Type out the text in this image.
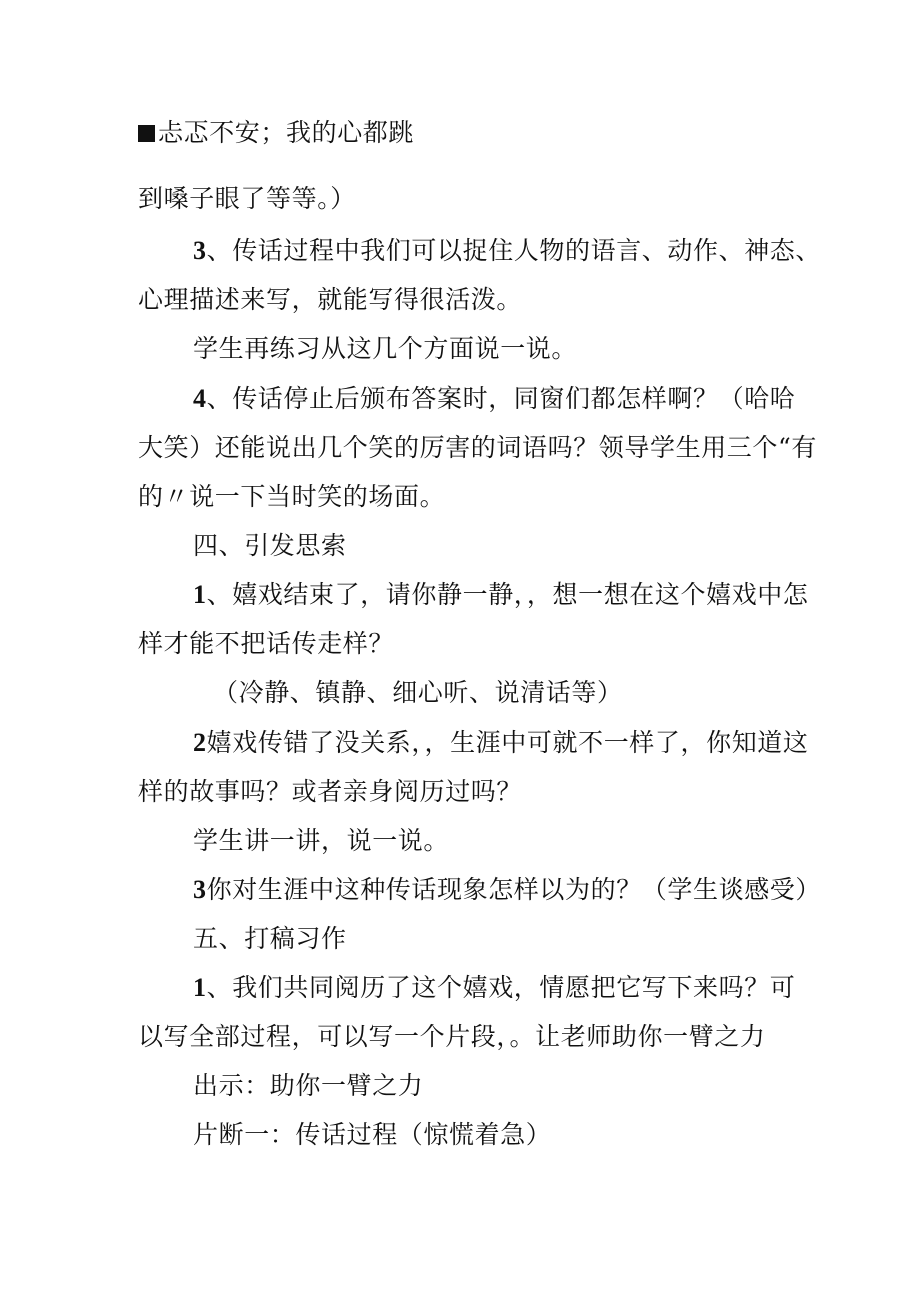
忐忑不安；我的心都跳
到嗓子眼了等等。）
3、传话过程中我们可以捉住人物的语言、动作、神态、
心理描述来写，就能写得很活泼。
学生再练习从这几个方面说一说。
4、传话停止后颁布答案时，同窗们都怎样啊？（哈哈
大笑）还能说出几个笑的厉害的词语吗？领导学生用三个“有
的〃说一下当时笑的场面。
四、引发思索
1、嬉戏结束了，请你静一静，，想一想在这个嬉戏中怎
样才能不把话传走样？
（冷静、镇静、细心听、说清话等）
2嬉戏传错了没关系，，生涯中可就不一样了，你知道这
样的故事吗？或者亲身阅历过吗？
学生讲一讲，说一说。
3你对生涯中这种传话现象怎样以为的？（学生谈感受）
五、打稿习作
1、我们共同阅历了这个嬉戏，情愿把它写下来吗？可
以写全部过程，可以写一个片段，。让老师助你一臂之力
出示：助你一臂之力
片断一：传话过程（惊慌着急）
